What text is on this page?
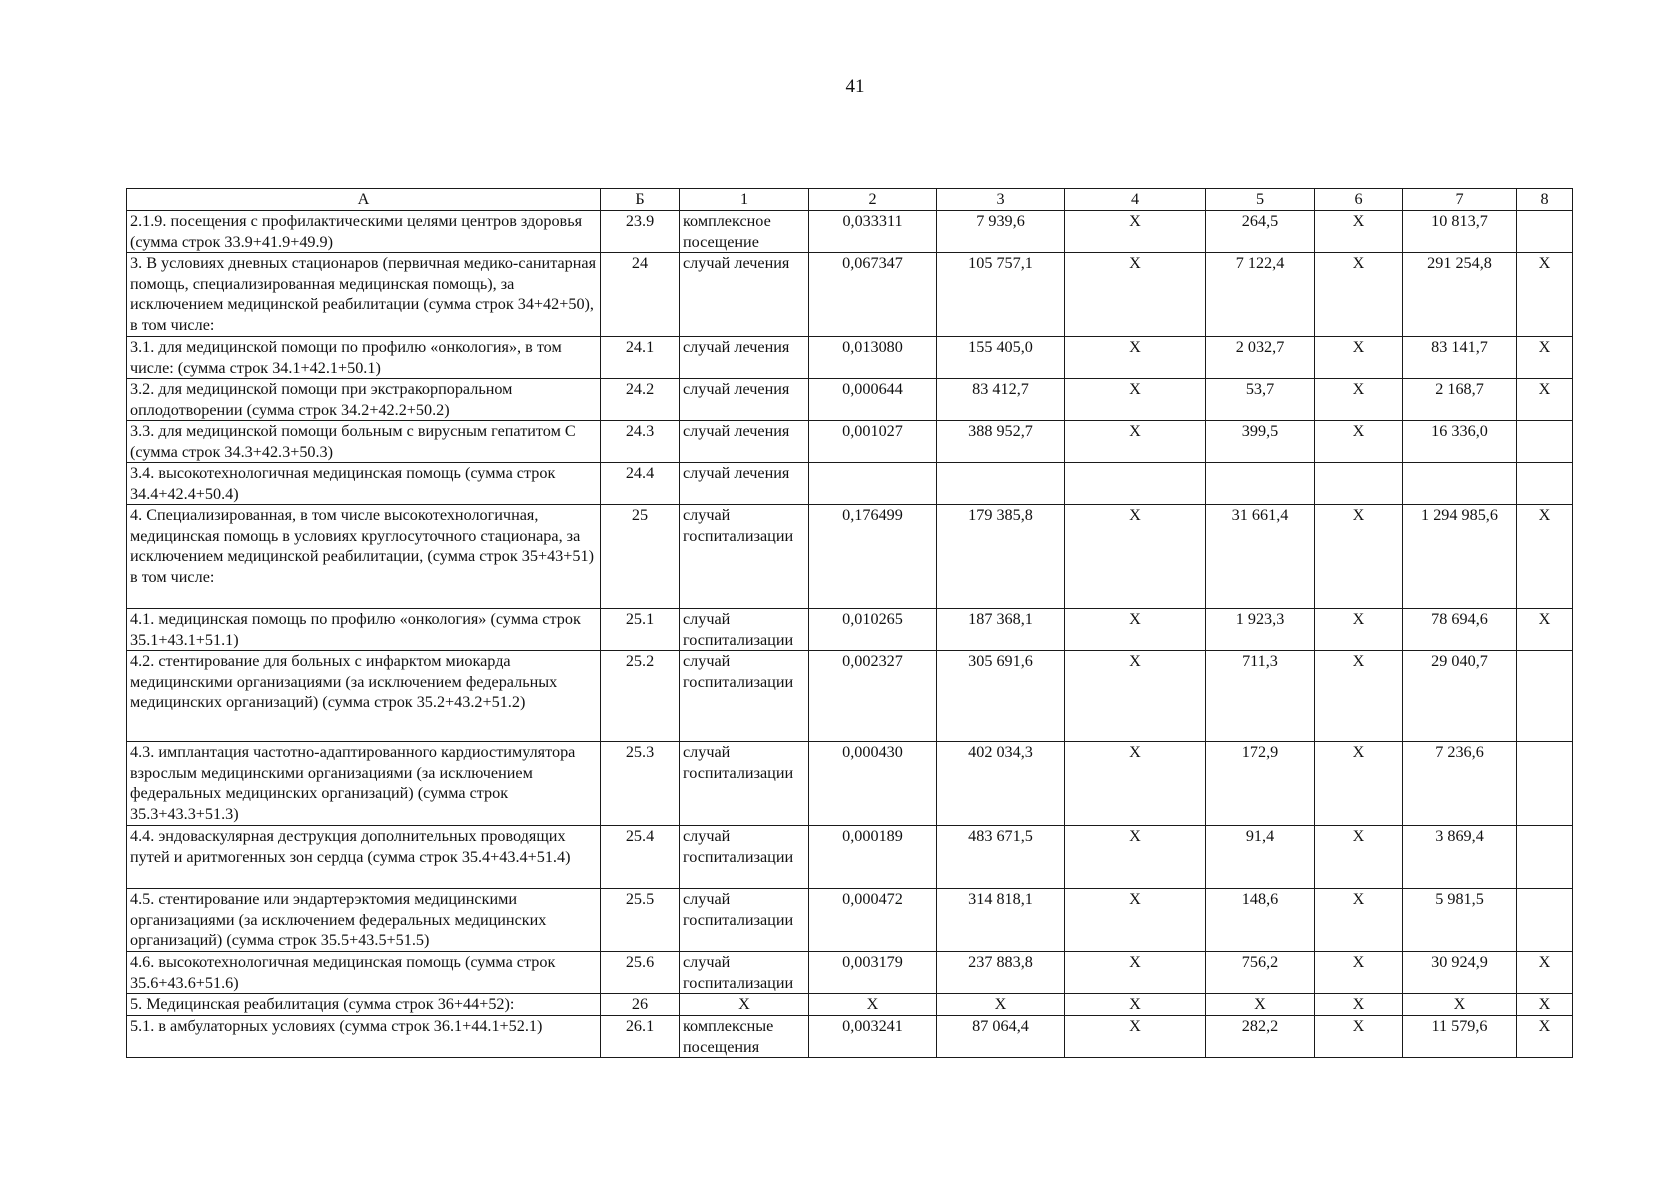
41
А	Б	1	2	3	4	5	6	7	8
2.1.9. посещения с профилактическими целями центров здоровья (сумма строк 33.9+41.9+49.9)	23.9	комплексное посещение	0,033311	7 939,6	X	264,5	X	10 813,7	
3. В условиях дневных стационаров (первичная медико-санитарная помощь, специализированная медицинская помощь), за исключением медицинской реабилитации (сумма строк 34+42+50), в том числе:	24	случай лечения	0,067347	105 757,1	X	7 122,4	X	291 254,8	X
3.1. для медицинской помощи по профилю «онкология», в том числе: (сумма строк 34.1+42.1+50.1)	24.1	случай лечения	0,013080	155 405,0	X	2 032,7	X	83 141,7	X
3.2. для медицинской помощи при экстракорпоральном оплодотворении (сумма строк 34.2+42.2+50.2)	24.2	случай лечения	0,000644	83 412,7	X	53,7	X	2 168,7	X
3.3. для медицинской помощи больным с вирусным гепатитом С (сумма строк 34.3+42.3+50.3)	24.3	случай лечения	0,001027	388 952,7	X	399,5	X	16 336,0	
3.4. высокотехнологичная медицинская помощь (сумма строк 34.4+42.4+50.4)	24.4	случай лечения							
4. Специализированная, в том числе высокотехнологичная, медицинская помощь в условиях круглосуточного стационара, за исключением медицинской реабилитации, (сумма строк 35+43+51) в том числе:	25	случай госпитализации	0,176499	179 385,8	X	31 661,4	X	1 294 985,6	X
4.1. медицинская помощь по профилю «онкология» (сумма строк 35.1+43.1+51.1)	25.1	случай госпитализации	0,010265	187 368,1	X	1 923,3	X	78 694,6	X
4.2. стентирование для больных с инфарктом миокарда медицинскими организациями (за исключением федеральных медицинских организаций) (сумма строк 35.2+43.2+51.2)	25.2	случай госпитализации	0,002327	305 691,6	X	711,3	X	29 040,7	
4.3. имплантация частотно-адаптированного кардиостимулятора взрослым медицинскими организациями (за исключением федеральных медицинских организаций) (сумма строк 35.3+43.3+51.3)	25.3	случай госпитализации	0,000430	402 034,3	X	172,9	X	7 236,6	
4.4. эндоваскулярная деструкция дополнительных проводящих путей и аритмогенных зон сердца (сумма строк 35.4+43.4+51.4)	25.4	случай госпитализации	0,000189	483 671,5	X	91,4	X	3 869,4	
4.5. стентирование или эндартерэктомия медицинскими организациями (за исключением федеральных медицинских организаций) (сумма строк 35.5+43.5+51.5)	25.5	случай госпитализации	0,000472	314 818,1	X	148,6	X	5 981,5	
4.6. высокотехнологичная медицинская помощь (сумма строк 35.6+43.6+51.6)	25.6	случай госпитализации	0,003179	237 883,8	X	756,2	X	30 924,9	X
5. Медицинская реабилитация (сумма строк 36+44+52):	26	X	X	X	X	X	X	X	X
5.1. в амбулаторных условиях (сумма строк 36.1+44.1+52.1)	26.1	комплексные посещения	0,003241	87 064,4	X	282,2	X	11 579,6	X
